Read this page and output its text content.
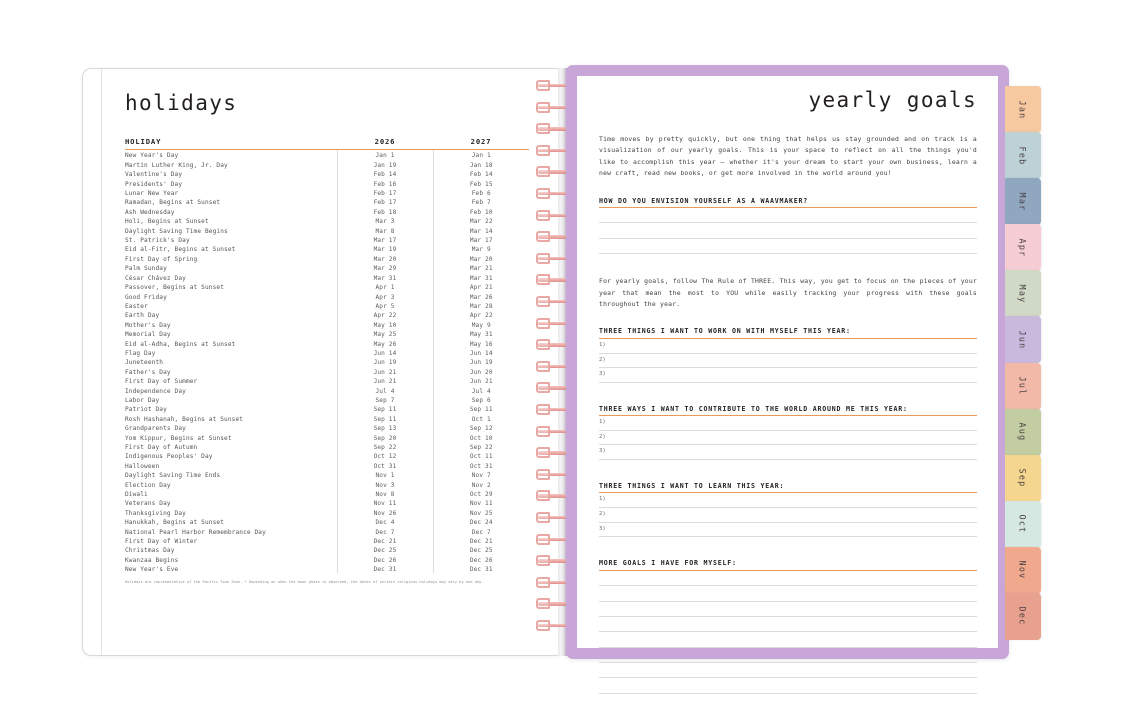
holidays
HOLIDAY	2026	2027
New Year's Day	Jan 1	Jan 1
Martin Luther King, Jr. Day	Jan 19	Jan 18
Valentine's Day	Feb 14	Feb 14
Presidents' Day	Feb 16	Feb 15
Lunar New Year	Feb 17	Feb 6
Ramadan, Begins at Sunset	Feb 17	Feb 7
Ash Wednesday	Feb 18	Feb 10
Holi, Begins at Sunset	Mar 3	Mar 22
Daylight Saving Time Begins	Mar 8	Mar 14
St. Patrick's Day	Mar 17	Mar 17
Eid al-Fitr, Begins at Sunset	Mar 19	Mar 9
First Day of Spring	Mar 20	Mar 20
Palm Sunday	Mar 29	Mar 21
César Chávez Day	Mar 31	Mar 31
Passover, Begins at Sunset	Apr 1	Apr 21
Good Friday	Apr 3	Mar 26
Easter	Apr 5	Mar 28
Earth Day	Apr 22	Apr 22
Mother's Day	May 10	May 9
Memorial Day	May 25	May 31
Eid al-Adha, Begins at Sunset	May 26	May 16
Flag Day	Jun 14	Jun 14
Juneteenth	Jun 19	Jun 19
Father's Day	Jun 21	Jun 20
First Day of Summer	Jun 21	Jun 21
Independence Day	Jul 4	Jul 4
Labor Day	Sep 7	Sep 6
Patriot Day	Sep 11	Sep 11
Rosh Hashanah, Begins at Sunset	Sep 11	Oct 1
Grandparents Day	Sep 13	Sep 12
Yom Kippur, Begins at Sunset	Sep 20	Oct 10
First Day of Autumn	Sep 22	Sep 22
Indigenous Peoples' Day	Oct 12	Oct 11
Halloween	Oct 31	Oct 31
Daylight Saving Time Ends	Nov 1	Nov 7
Election Day	Nov 3	Nov 2
Diwali	Nov 8	Oct 29
Veterans Day	Nov 11	Nov 11
Thanksgiving Day	Nov 26	Nov 25
Hanukkah, Begins at Sunset	Dec 4	Dec 24
National Pearl Harbor Remembrance Day	Dec 7	Dec 7
First Day of Winter	Dec 21	Dec 21
Christmas Day	Dec 25	Dec 25
Kwanzaa Begins	Dec 26	Dec 26
New Year's Eve	Dec 31	Dec 31
Holidays are representative of the Pacific Time Zone. • Depending on when the moon phase is observed, the dates of certain religious holidays may vary by one day.
yearly goals

Time moves by pretty quickly, but one thing that helps us stay grounded and on track is a visualization of our yearly goals. This is your space to reflect on all the things you'd like to accomplish this year — whether it's your dream to start your own business, learn a new craft, read new books, or get more involved in the world around you!

HOW DO YOU ENVISION YOURSELF AS A WAAVMAKER?

For yearly goals, follow The Rule of THREE. This way, you get to focus on the pieces of your year that mean the most to YOU while easily tracking your progress with these goals throughout the year.

THREE THINGS I WANT TO WORK ON WITH MYSELF THIS YEAR:
1)
2)
3)
THREE WAYS I WANT TO CONTRIBUTE TO THE WORLD AROUND ME THIS YEAR:
1)
2)
3)
THREE THINGS I WANT TO LEARN THIS YEAR:
1)
2)
3)
MORE GOALS I HAVE FOR MYSELF:
Jan
Feb
Mar
Apr
May
Jun
Jul
Aug
Sep
Oct
Nov
Dec
